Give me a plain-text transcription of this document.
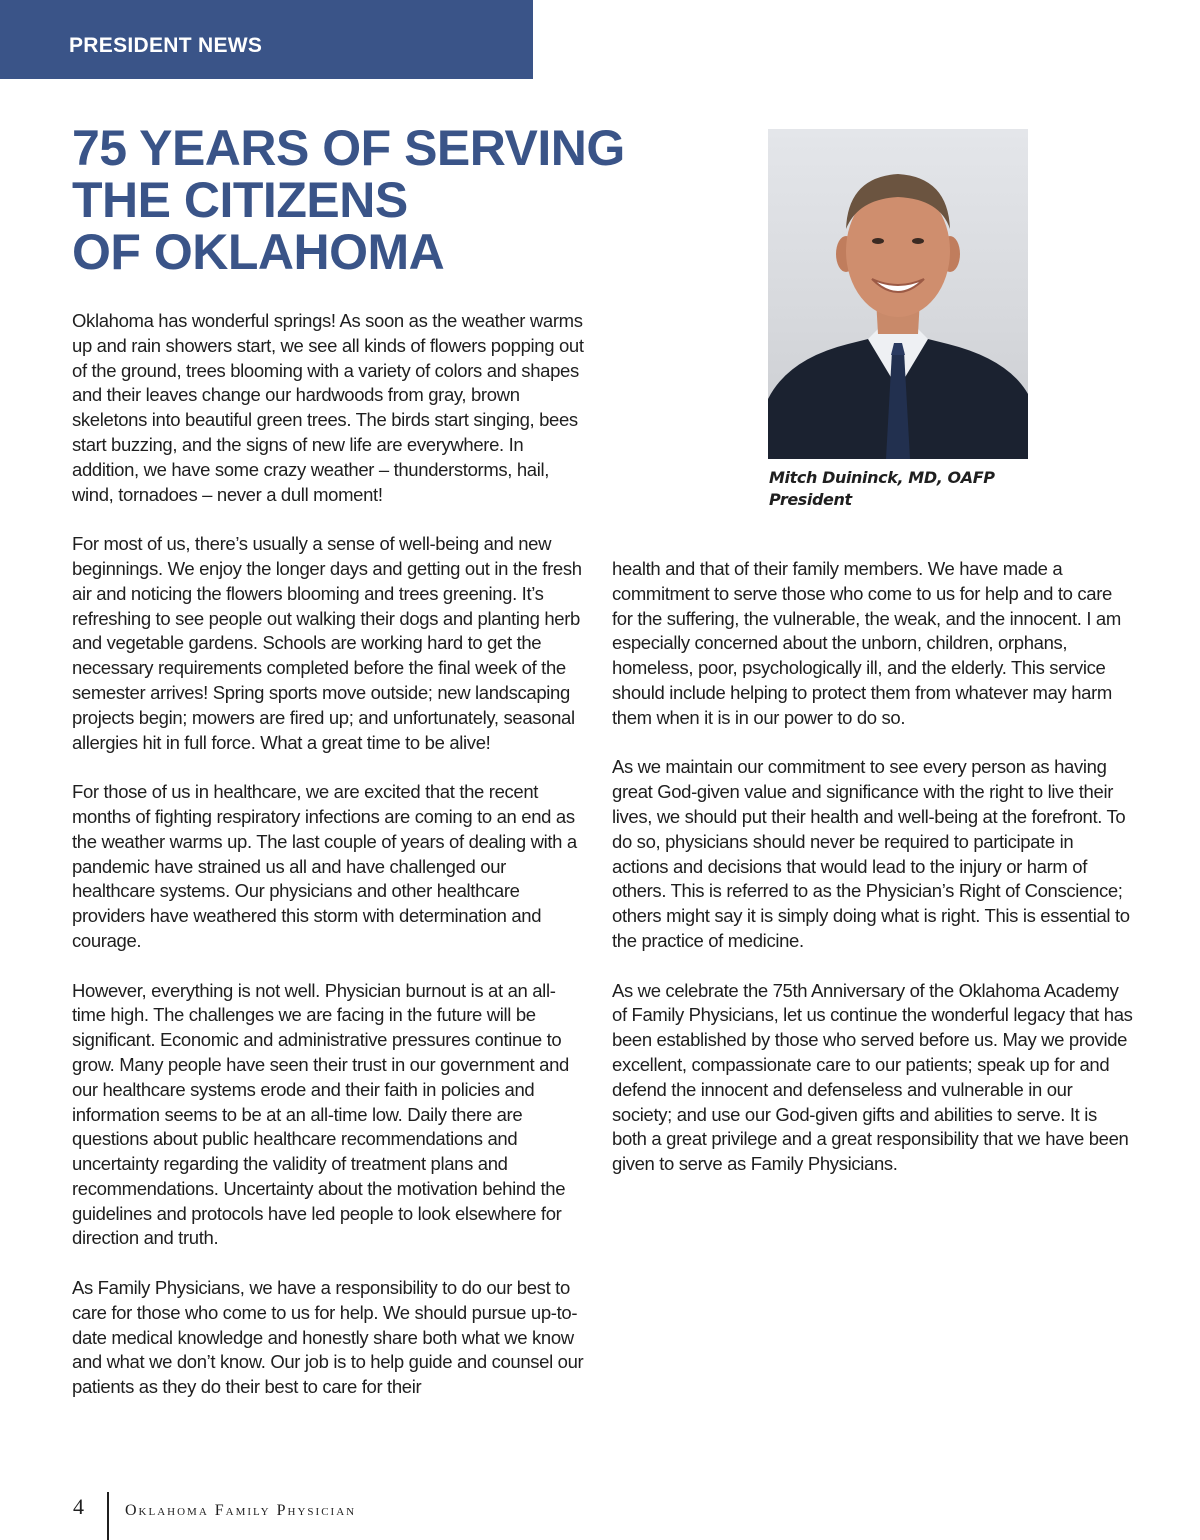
PRESIDENT NEWS
75 YEARS OF SERVING
THE CITIZENS
OF OKLAHOMA
Mitch Duininck, MD, OAFP
President

Oklahoma has wonderful springs! As soon as the weather warms up and rain showers start, we see all kinds of flowers popping out of the ground, trees blooming with a variety of colors and shapes and their leaves change our hardwoods from gray, brown skeletons into beautiful green trees. The birds start singing, bees start buzzing, and the signs of new life are everywhere. In addition, we have some crazy weather – thunderstorms, hail, wind, tornadoes – never a dull moment!

For most of us, there’s usually a sense of well-being and new beginnings. We enjoy the longer days and getting out in the fresh air and noticing the flowers blooming and trees greening. It’s refreshing to see people out walking their dogs and planting herb and vegetable gardens. Schools are working hard to get the necessary requirements completed before the final week of the semester arrives! Spring sports move outside; new landscaping projects begin; mowers are fired up; and unfortunately, seasonal allergies hit in full force. What a great time to be alive!

For those of us in healthcare, we are excited that the recent months of fighting respiratory infections are coming to an end as the weather warms up. The last couple of years of dealing with a pandemic have strained us all and have challenged our healthcare systems. Our physicians and other healthcare providers have weathered this storm with determination and courage.

However, everything is not well. Physician burnout is at an all-time high. The challenges we are facing in the future will be significant. Economic and administrative pressures continue to grow. Many people have seen their trust in our government and our healthcare systems erode and their faith in policies and information seems to be at an all-time low. Daily there are questions about public healthcare recommendations and uncertainty regarding the validity of treatment plans and recommendations. Uncertainty about the motivation behind the guidelines and protocols have led people to look elsewhere for direction and truth.

As Family Physicians, we have a responsibility to do our best to care for those who come to us for help. We should pursue up-to-date medical knowledge and honestly share both what we know and what we don’t know. Our job is to help guide and counsel our patients as they do their best to care for their

health and that of their family members. We have made a commitment to serve those who come to us for help and to care for the suffering, the vulnerable, the weak, and the innocent. I am especially concerned about the unborn, children, orphans, homeless, poor, psychologically ill, and the elderly. This service should include helping to protect them from whatever may harm them when it is in our power to do so.

As we maintain our commitment to see every person as having great God-given value and significance with the right to live their lives, we should put their health and well-being at the forefront. To do so, physicians should never be required to participate in actions and decisions that would lead to the injury or harm of others. This is referred to as the Physician’s Right of Conscience; others might say it is simply doing what is right. This is essential to the practice of medicine.

As we celebrate the 75th Anniversary of the Oklahoma Academy of Family Physicians, let us continue the wonderful legacy that has been established by those who served before us. May we provide excellent, compassionate care to our patients; speak up for and defend the innocent and defenseless and vulnerable in our society; and use our God-given gifts and abilities to serve. It is both a great privilege and a great responsibility that we have been given to serve as Family Physicians.

4	Oklahoma Family Physician
